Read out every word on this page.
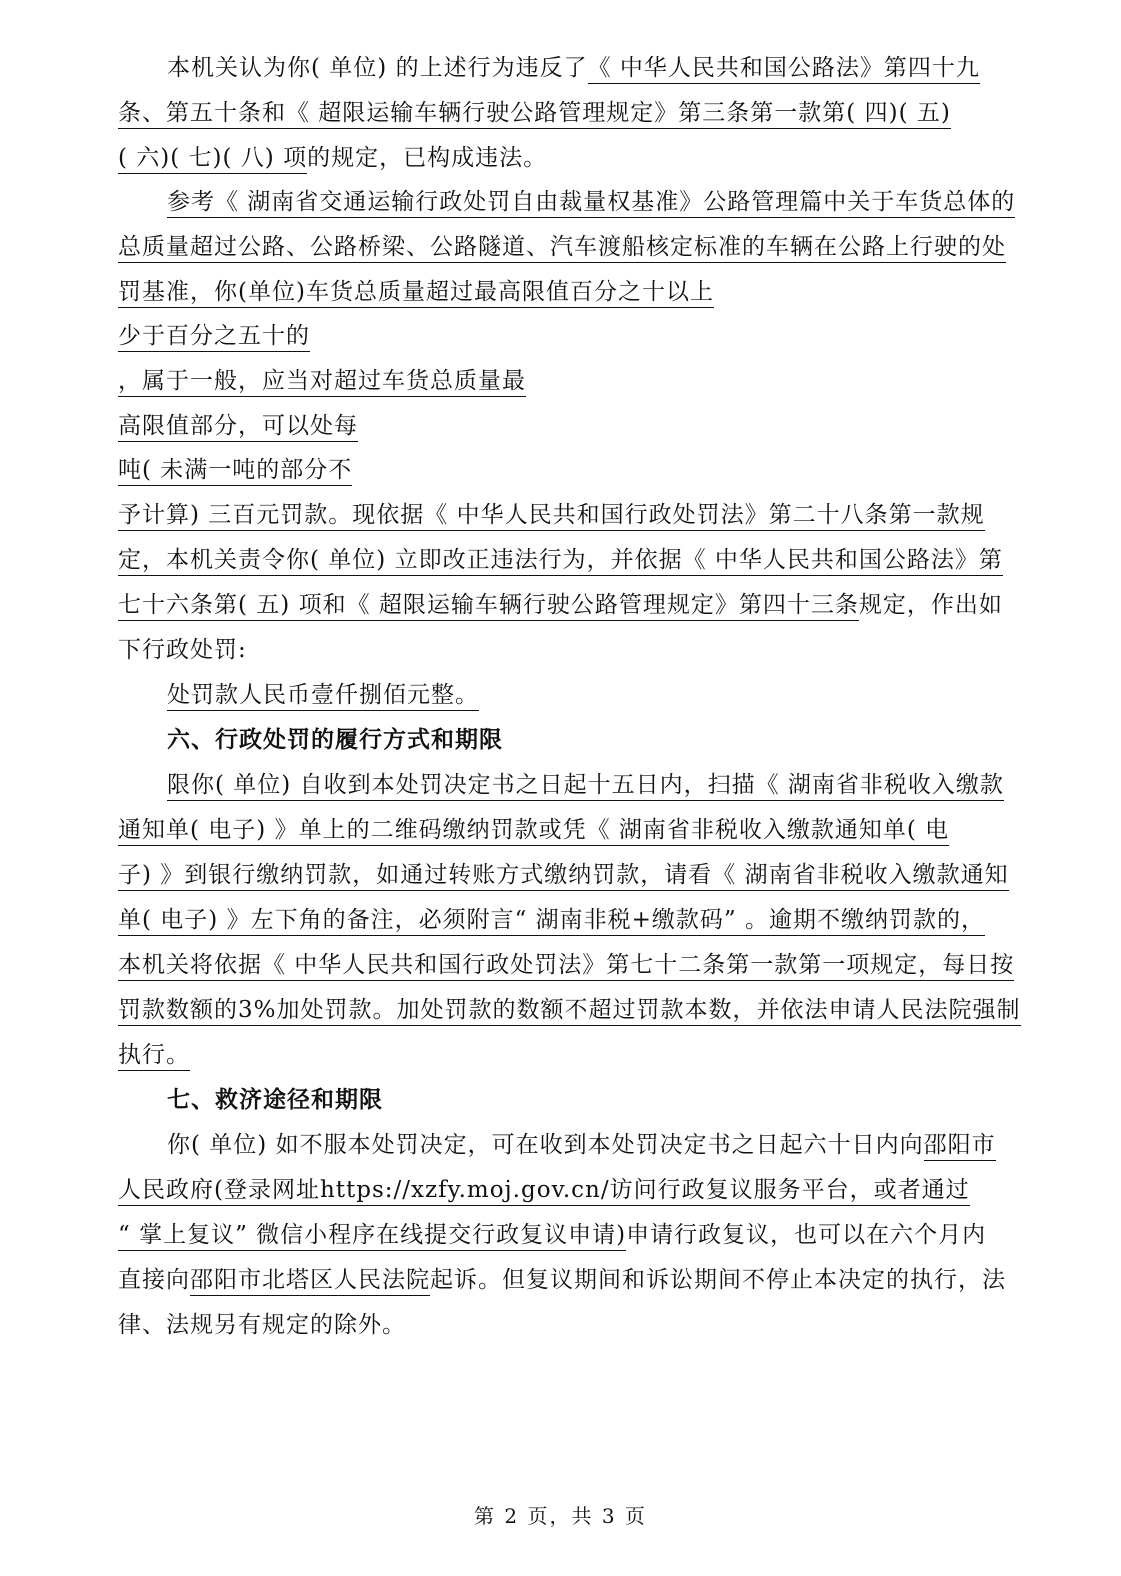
本机关认为你( 单位) 的上述行为违反了《 中华人民共和国公路法》第四十九
条、第五十条和《 超限运输车辆行驶公路管理规定》第三条第一款第( 四)( 五)
( 六)( 七)( 八) 项的规定，已构成违法。
参考《 湖南省交通运输行政处罚自由裁量权基准》公路管理篇中关于车货总体的
总质量超过公路、公路桥梁、公路隧道、汽车渡船核定标准的车辆在公路上行驶的处
罚基准，你(单位)车货总质量超过最高限值百分之十以上
少于百分之五十的
，属于一般，应当对超过车货总质量最
高限值部分，可以处每
吨( 未满一吨的部分不
予计算) 三百元罚款。现依据《 中华人民共和国行政处罚法》第二十八条第一款规
定，本机关责令你( 单位) 立即改正违法行为，并依据《 中华人民共和国公路法》第
七十六条第( 五) 项和《 超限运输车辆行驶公路管理规定》第四十三条规定，作出如
下行政处罚:
处罚款人民币壹仟捌佰元整。
六、行政处罚的履行方式和期限
限你( 单位) 自收到本处罚决定书之日起十五日内，扫描《 湖南省非税收入缴款
通知单( 电子) 》单上的二维码缴纳罚款或凭《 湖南省非税收入缴款通知单( 电
子) 》到银行缴纳罚款，如通过转账方式缴纳罚款，请看《 湖南省非税收入缴款通知
单( 电子) 》左下角的备注，必须附言“ 湖南非税+缴款码” 。逾期不缴纳罚款的，
本机关将依据《 中华人民共和国行政处罚法》第七十二条第一款第一项规定，每日按
罚款数额的3%加处罚款。加处罚款的数额不超过罚款本数，并依法申请人民法院强制
执行。
七、救济途径和期限
你( 单位) 如不服本处罚决定，可在收到本处罚决定书之日起六十日内向邵阳市
人民政府(登录网址https://xzfy.moj.gov.cn/访问行政复议服务平台，或者通过
“ 掌上复议” 微信小程序在线提交行政复议申请)申请行政复议，也可以在六个月内
直接向邵阳市北塔区人民法院起诉。但复议期间和诉讼期间不停止本决定的执行，法
律、法规另有规定的除外。
第 2 页，共 3 页
